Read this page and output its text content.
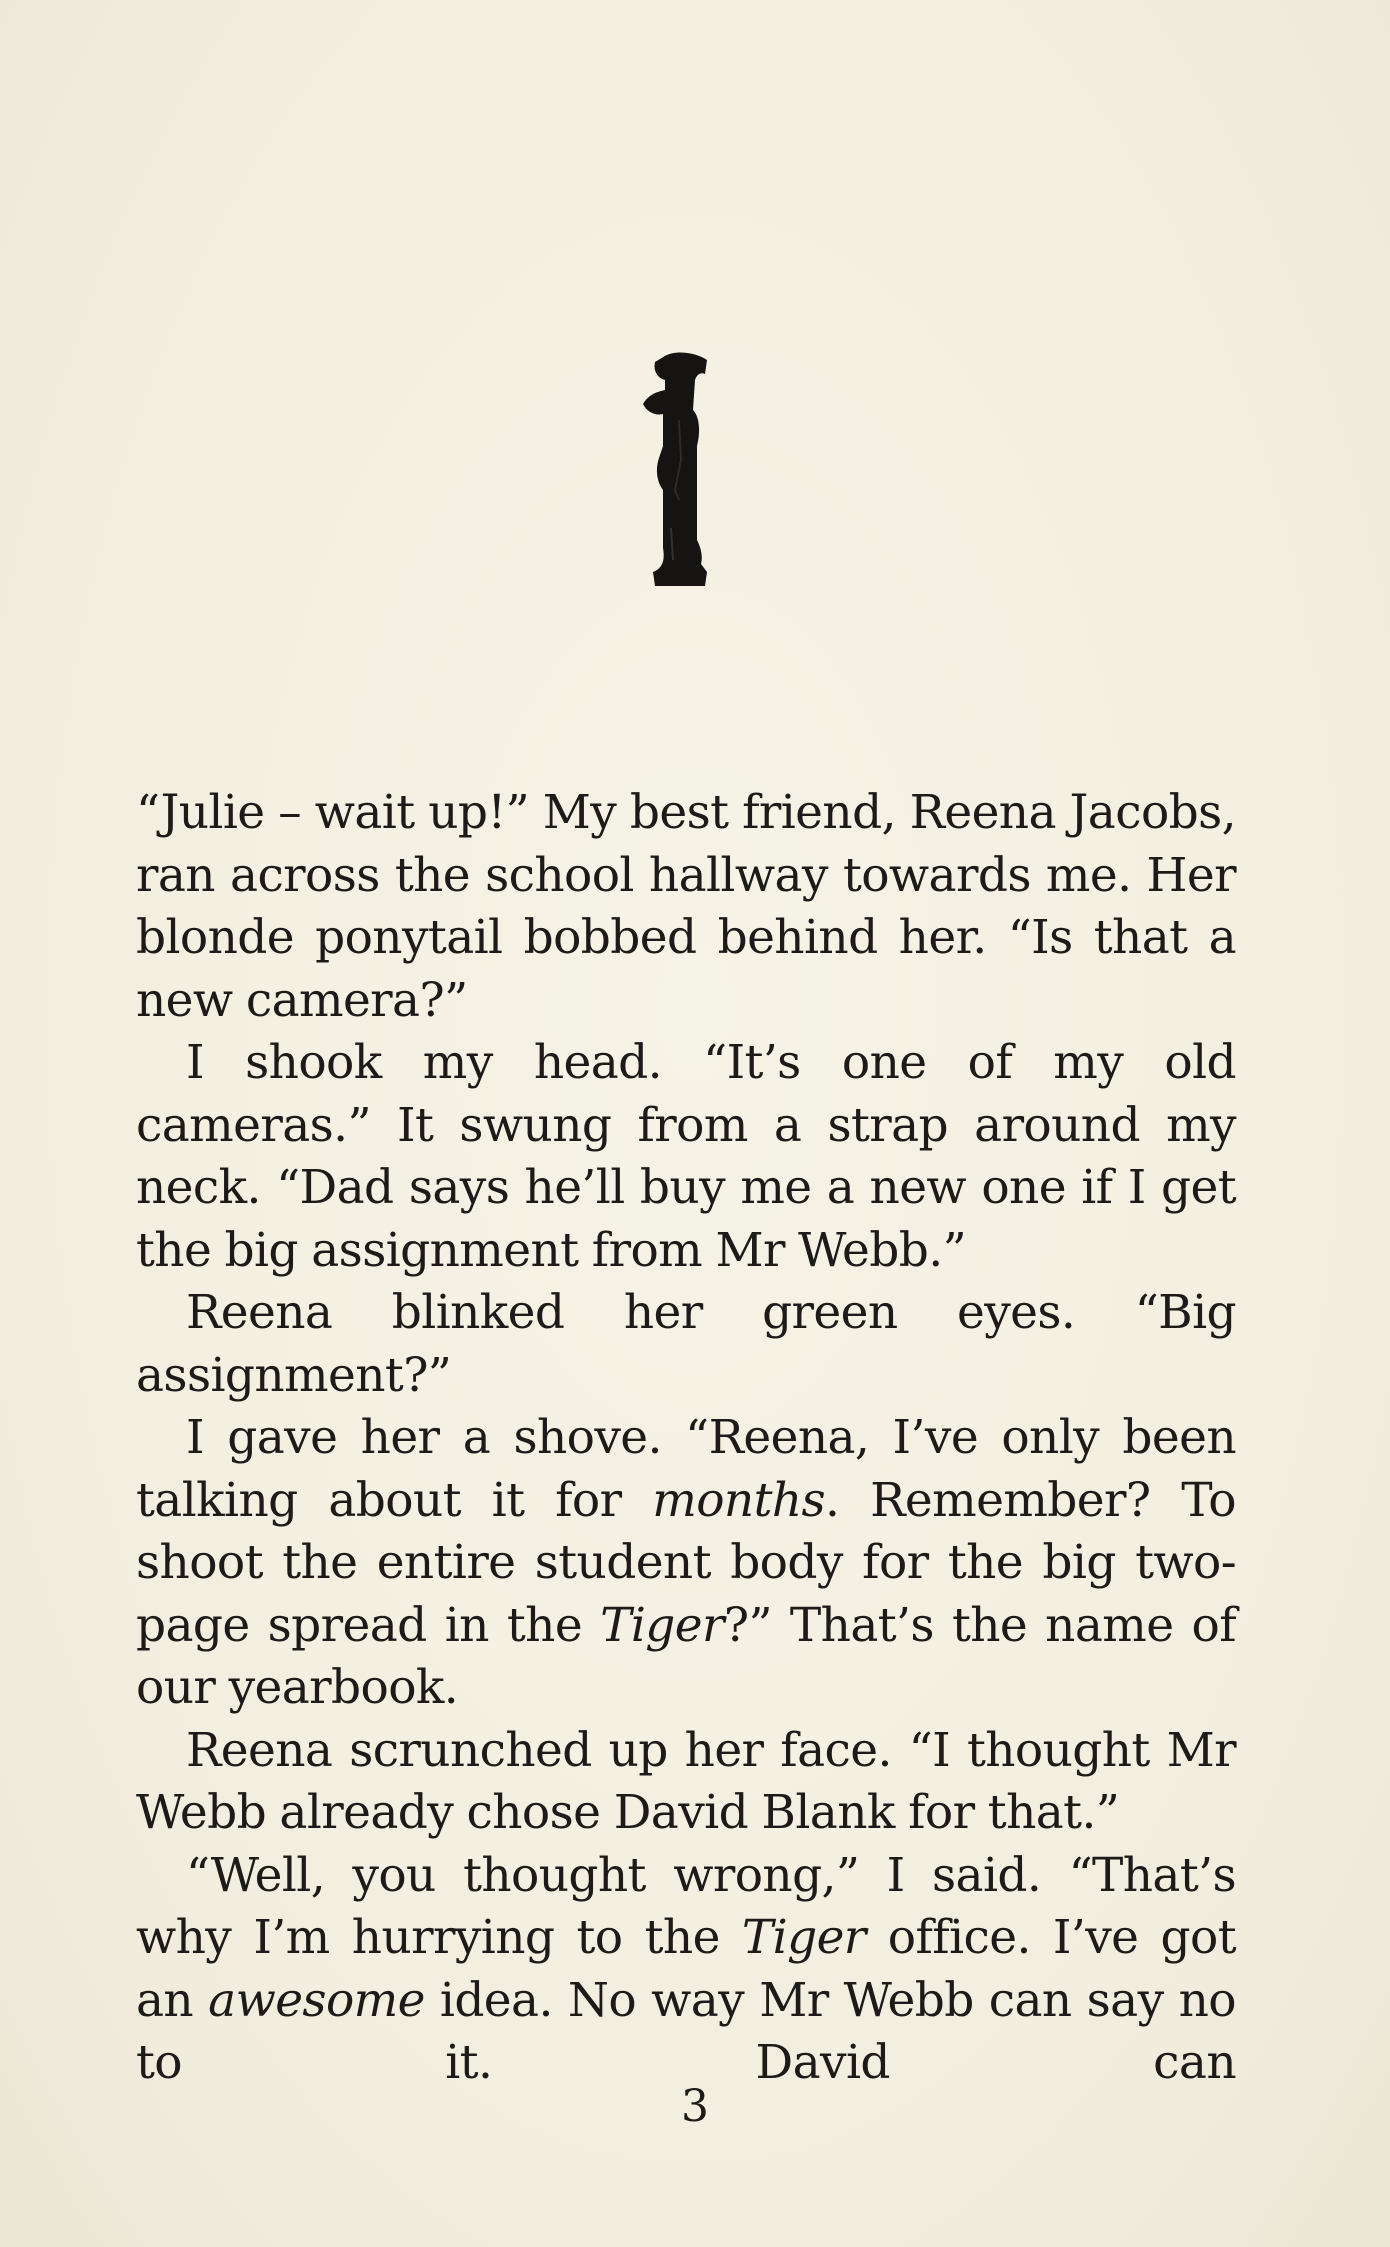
“Julie – wait up!” My best friend, Reena Jacobs, ran across the school hallway towards me. Her blonde ponytail bobbed behind her. “Is that a new camera?”

I shook my head. “It’s one of my old cameras.” It swung from a strap around my neck. “Dad says he’ll buy me a new one if I get the big assignment from Mr Webb.”

Reena blinked her green eyes. “Big assignment?”

I gave her a shove. “Reena, I’ve only been talking about it for months. Remember? To shoot the entire student body for the big two-page spread in the Tiger?” That’s the name of our yearbook.

Reena scrunched up her face. “I thought Mr Webb already chose David Blank for that.”

“Well, you thought wrong,” I said. “That’s why I’m hurrying to the Tiger office. I’ve got an awesome idea. No way Mr Webb can say no to it. David can

3
